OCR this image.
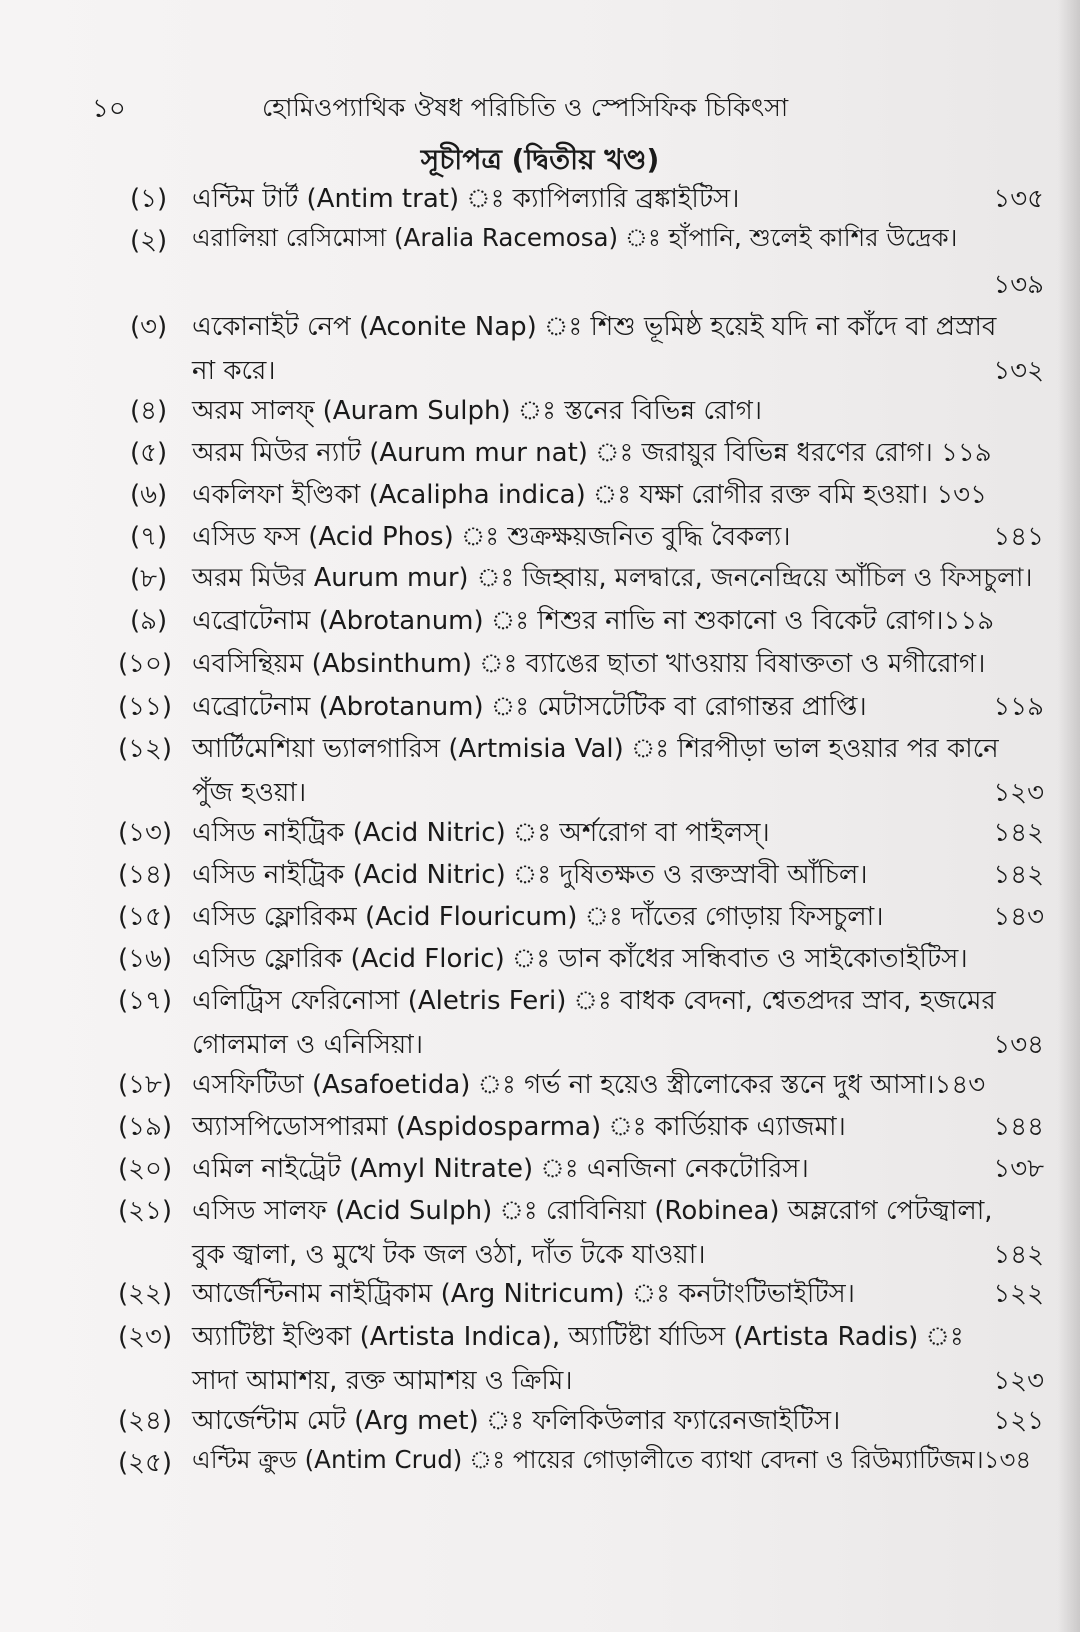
১০	হোমিওপ্যাথিক ঔষধ পরিচিতি ও স্পেসিফিক চিকিৎসা
সূচীপত্র (দ্বিতীয় খণ্ড)
(১) এন্টিম টার্ট (Antim trat) ঃ ক্যাপিল্যারি ব্রঙ্কাইটিস।	১৩৫
(২) এরালিয়া রেসিমোসা (Aralia Racemosa) ঃ হাঁপানি, শুলেই কাশির উদ্রেক।
১৩৯
(৩) একোনাইট নেপ (Aconite Nap) ঃ শিশু ভূমিষ্ঠ হয়েই যদি না কাঁদে বা প্রস্রাব
না করে।	১৩২
(৪) অরম সালফ্ (Auram Sulph) ঃ স্তনের বিভিন্ন রোগ।
(৫) অরম মিউর ন্যাট (Aurum mur nat) ঃ জরায়ুর বিভিন্ন ধরণের রোগ। ১১৯
(৬) একলিফা ইণ্ডিকা (Acalipha indica) ঃ যক্ষা রোগীর রক্ত বমি হওয়া। ১৩১
(৭) এসিড ফস (Acid Phos) ঃ শুক্রক্ষয়জনিত বুদ্ধি বৈকল্য।	১৪১
(৮) অরম মিউর Aurum mur) ঃ জিহ্বায়, মলদ্বারে, জননেন্দ্রিয়ে আঁচিল ও ফিসচুলা।
(৯) এব্রোটেনাম (Abrotanum) ঃ শিশুর নাভি না শুকানো ও বিকেট রোগ।১১৯
(১০) এবসিন্থিয়ম (Absinthum) ঃ ব্যাঙের ছাতা খাওয়ায় বিষাক্ততা ও মগীরোগ।
(১১) এব্রোটেনাম (Abrotanum) ঃ মেটাসটেটিক বা রোগান্তর প্রাপ্তি।	১১৯
(১২) আর্টিমেশিয়া ভ্যালগারিস (Artmisia Val) ঃ শিরপীড়া ভাল হওয়ার পর কানে
পুঁজ হওয়া।	১২৩
(১৩) এসিড নাইট্রিক (Acid Nitric) ঃ অর্শরোগ বা পাইলস্।	১৪২
(১৪) এসিড নাইট্রিক (Acid Nitric) ঃ দুষিতক্ষত ও রক্তস্রাবী আঁচিল।	১৪২
(১৫) এসিড ফ্লোরিকম (Acid Flouricum) ঃ দাঁতের গোড়ায় ফিসচুলা।	১৪৩
(১৬) এসিড ফ্লোরিক (Acid Floric) ঃ ডান কাঁধের সন্ধিবাত ও সাইকোতাইটিস।
(১৭) এলিট্রিস ফেরিনোসা (Aletris Feri) ঃ বাধক বেদনা, শ্বেতপ্রদর স্রাব, হজমের
গোলমাল ও এনিসিয়া।	১৩৪
(১৮) এসফিটিডা (Asafoetida) ঃ গর্ভ না হয়েও স্ত্রীলোকের স্তনে দুধ আসা।১৪৩
(১৯) অ্যাসপিডোসপারমা (Aspidosparma) ঃ কার্ডিয়াক এ্যাজমা।	১৪৪
(২০) এমিল নাইট্রেট (Amyl Nitrate) ঃ এনজিনা নেকটোরিস।	১৩৮
(২১) এসিড সালফ (Acid Sulph) ঃ রোবিনিয়া (Robinea) অম্লরোগ পেটজ্বালা,
বুক জ্বালা, ও মুখে টক জল ওঠা, দাঁত টকে যাওয়া।	১৪২
(২২) আর্জেন্টিনাম নাইট্রিকাম (Arg Nitricum) ঃ কনটাংটিভাইটিস।	১২২
(২৩) অ্যাটিষ্টা ইণ্ডিকা (Artista Indica), অ্যাটিষ্টা র্যাডিস (Artista Radis) ঃ
সাদা আমাশয়, রক্ত আমাশয় ও ক্রিমি।	১২৩
(২৪) আর্জেন্টাম মেট (Arg met) ঃ ফলিকিউলার ফ্যারেনজাইটিস।	১২১
(২৫) এন্টিম ক্রুড (Antim Crud) ঃ পায়ের গোড়ালীতে ব্যাথা বেদনা ও রিউম্যাটিজম।১৩৪
